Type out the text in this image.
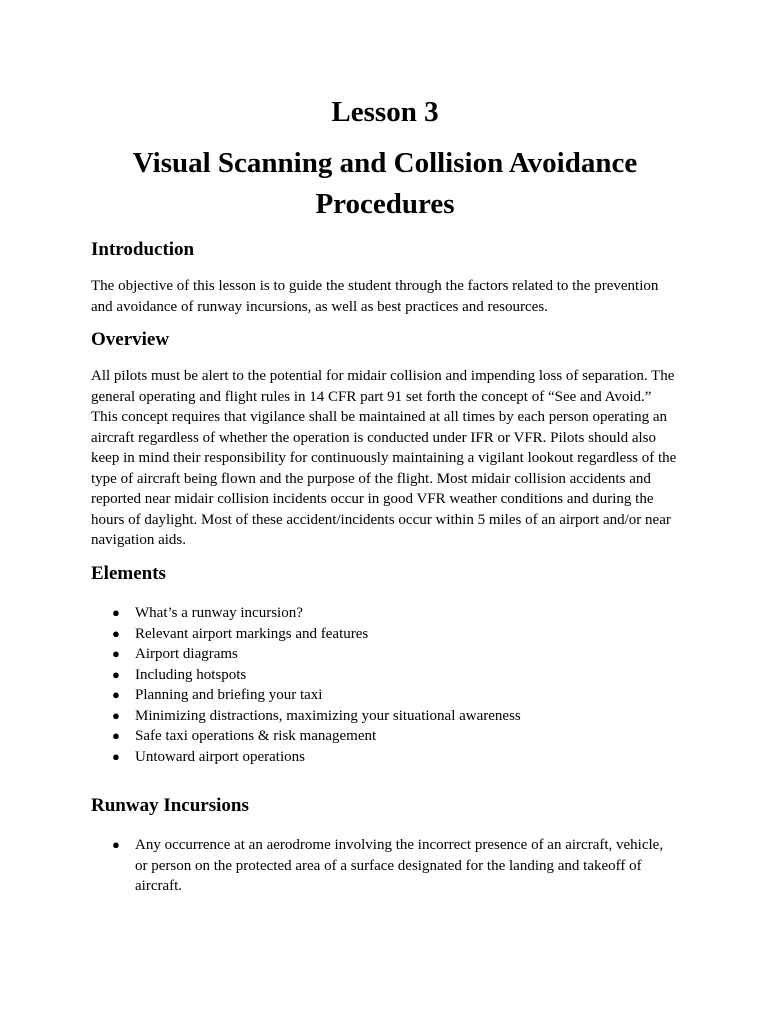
Lesson 3
Visual Scanning and Collision Avoidance Procedures
Introduction

The objective of this lesson is to guide the student through the factors related to the prevention and avoidance of runway incursions, as well as best practices and resources.

Overview

All pilots must be alert to the potential for midair collision and impending loss of separation. The general operating and flight rules in 14 CFR part 91 set forth the concept of “See and Avoid.” This concept requires that vigilance shall be maintained at all times by each person operating an aircraft regardless of whether the operation is conducted under IFR or VFR. Pilots should also keep in mind their responsibility for continuously maintaining a vigilant lookout regardless of the type of aircraft being flown and the purpose of the flight. Most midair collision accidents and reported near midair collision incidents occur in good VFR weather conditions and during the hours of daylight. Most of these accident/incidents occur within 5 miles of an airport and/or near navigation aids.

Elements
● What’s a runway incursion?
● Relevant airport markings and features
● Airport diagrams
● Including hotspots
● Planning and briefing your taxi
● Minimizing distractions, maximizing your situational awareness
● Safe taxi operations & risk management
● Untoward airport operations
Runway Incursions
● Any occurrence at an aerodrome involving the incorrect presence of an aircraft, vehicle, or person on the protected area of a surface designated for the landing and takeoff of aircraft.
